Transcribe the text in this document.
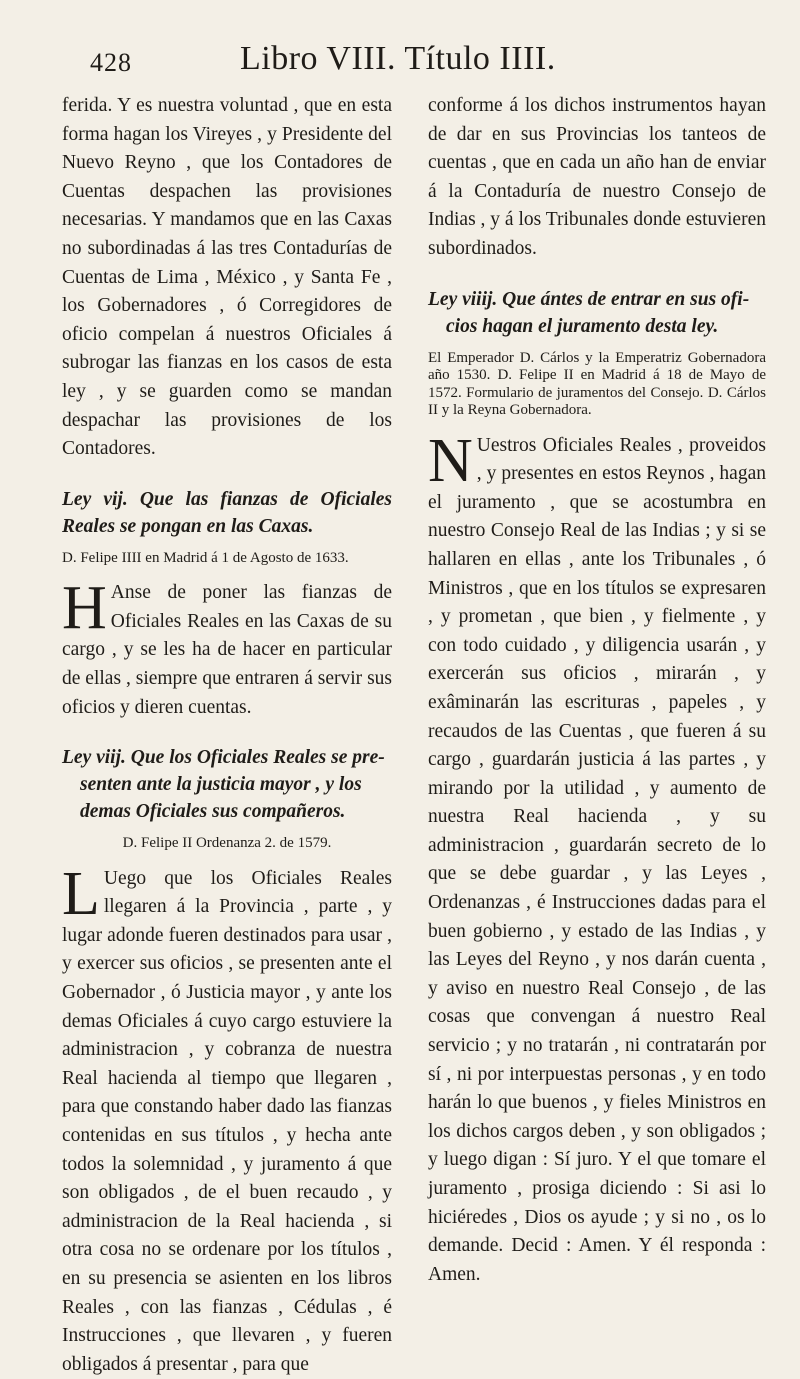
428	Libro VIII. Título IIII.

ferida. Y es nuestra voluntad , que en esta forma hagan los Vireyes , y Presidente del Nuevo Reyno , que los Contadores de Cuentas despachen las provisiones necesarias. Y mandamos que en las Caxas no subordinadas á las tres Contadurías de Cuentas de Lima , México , y Santa Fe , los Gobernadores , ó Corregidores de oficio compelan á nuestros Oficiales á subrogar las fianzas en los casos de esta ley , y se guarden como se mandan despachar las provisiones de los Contadores.

Ley vij. Que las fianzas de Oficiales Reales se pongan en las Caxas.

D. Felipe IIII en Madrid á 1 de Agosto de 1633.

HAnse de poner las fianzas de Oficiales Reales en las Caxas de su cargo , y se les ha de hacer en particular de ellas , siempre que entraren á servir sus oficios y dieren cuentas.

Ley viij. Que los Oficiales Reales se pre-
senten ante la justicia mayor , y los
demas Oficiales sus compañeros.

D. Felipe II Ordenanza 2. de 1579.

LUego que los Oficiales Reales llegaren á la Provincia , parte , y lugar adonde fueren destinados para usar , y exercer sus oficios , se presenten ante el Gobernador , ó Justicia mayor , y ante los demas Oficiales á cuyo cargo estuviere la administracion , y cobranza de nuestra Real hacienda al tiempo que llegaren , para que constando haber dado las fianzas contenidas en sus títulos , y hecha ante todos la solemnidad , y juramento á que son obligados , de el buen recaudo , y administracion de la Real hacienda , si otra cosa no se ordenare por los títulos , en su presencia se asienten en los libros Reales , con las fianzas , Cédulas , é Instrucciones , que llevaren , y fueren obligados á presentar , para que

conforme á los dichos instrumentos hayan de dar en sus Provincias los tanteos de cuentas , que en cada un año han de enviar á la Contaduría de nuestro Consejo de Indias , y á los Tribunales donde estuvieren subordinados.

Ley viiij. Que ántes de entrar en sus ofi-
cios hagan el juramento desta ley.

El Emperador D. Cárlos y la Emperatriz Gobernadora año 1530. D. Felipe II en Madrid á 18 de Mayo de 1572. Formulario de juramentos del Consejo. D. Cárlos II y la Reyna Gobernadora.

NUestros Oficiales Reales , proveidos , y presentes en estos Reynos , hagan el juramento , que se acostumbra en nuestro Consejo Real de las Indias ; y si se hallaren en ellas , ante los Tribunales , ó Ministros , que en los títulos se expresaren , y prometan , que bien , y fielmente , y con todo cuidado , y diligencia usarán , y exercerán sus oficios , mirarán , y exâminarán las escrituras , papeles , y recaudos de las Cuentas , que fueren á su cargo , guardarán justicia á las partes , y mirando por la utilidad , y aumento de nuestra Real hacienda , y su administracion , guardarán secreto de lo que se debe guardar , y las Leyes , Ordenanzas , é Instrucciones dadas para el buen gobierno , y estado de las Indias , y las Leyes del Reyno , y nos darán cuenta , y aviso en nuestro Real Consejo , de las cosas que convengan á nuestro Real servicio ; y no tratarán , ni contratarán por sí , ni por interpuestas personas , y en todo harán lo que buenos , y fieles Ministros en los dichos cargos deben , y son obligados ; y luego digan : Sí juro. Y el que tomare el juramento , prosiga diciendo : Si asi lo hiciéredes , Dios os ayude ; y si no , os lo demande. Decid : Amen. Y él responda : Amen.
